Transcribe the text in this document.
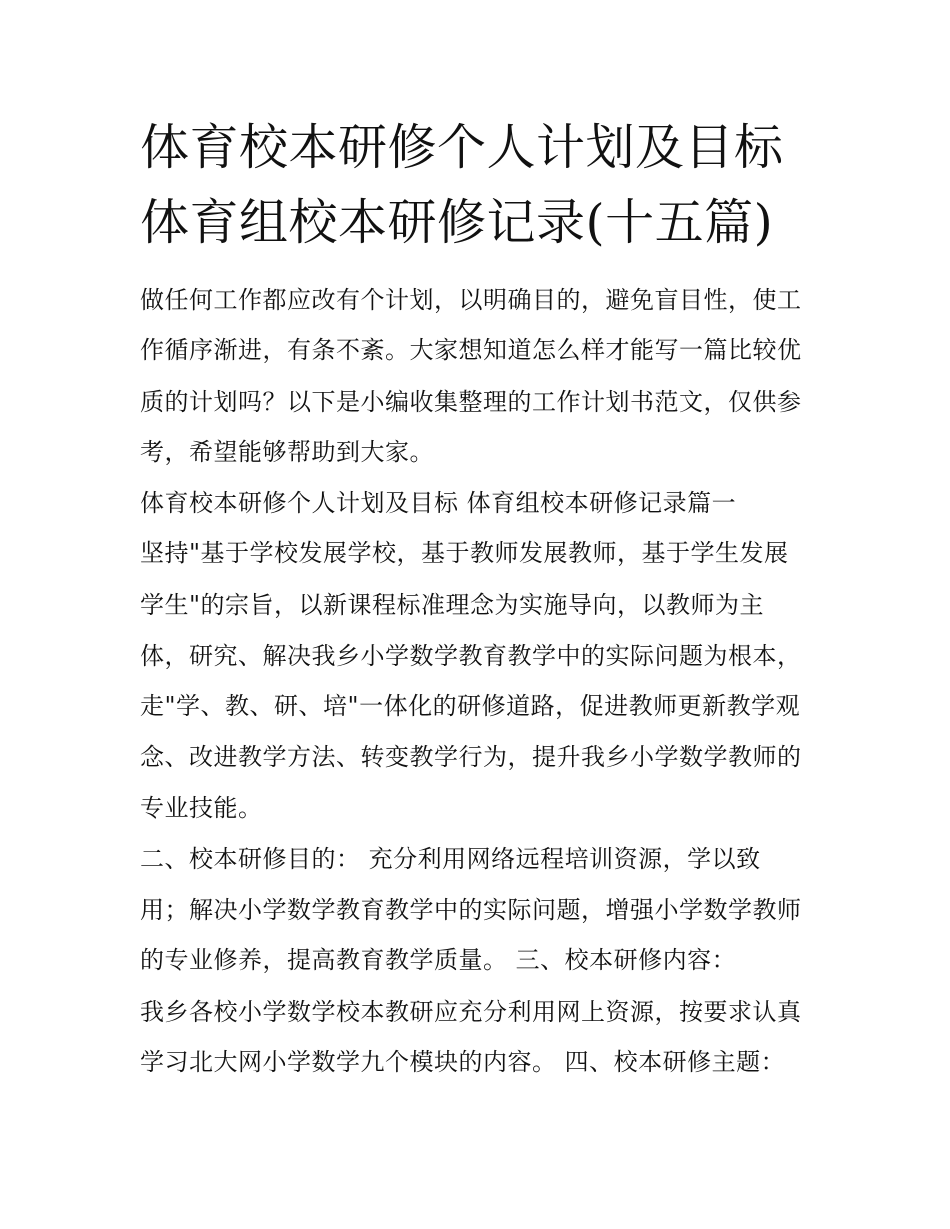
体育校本研修个人计划及目标
体育组校本研修记录(十五篇)
做任何工作都应改有个计划，以明确目的，避免盲目性，使工
作循序渐进，有条不紊。大家想知道怎么样才能写一篇比较优
质的计划吗？以下是小编收集整理的工作计划书范文，仅供参
考，希望能够帮助到大家。
体育校本研修个人计划及目标 体育组校本研修记录篇一
坚持"基于学校发展学校，基于教师发展教师，基于学生发展
学生"的宗旨，以新课程标准理念为实施导向，以教师为主
体，研究、解决我乡小学数学教育教学中的实际问题为根本，
走"学、教、研、培"一体化的研修道路，促进教师更新教学观
念、改进教学方法、转变教学行为，提升我乡小学数学教师的
专业技能。
二、校本研修目的： 充分利用网络远程培训资源，学以致
用；解决小学数学教育教学中的实际问题，增强小学数学教师
的专业修养，提高教育教学质量。 三、校本研修内容：
我乡各校小学数学校本教研应充分利用网上资源，按要求认真
学习北大网小学数学九个模块的内容。 四、校本研修主题：
